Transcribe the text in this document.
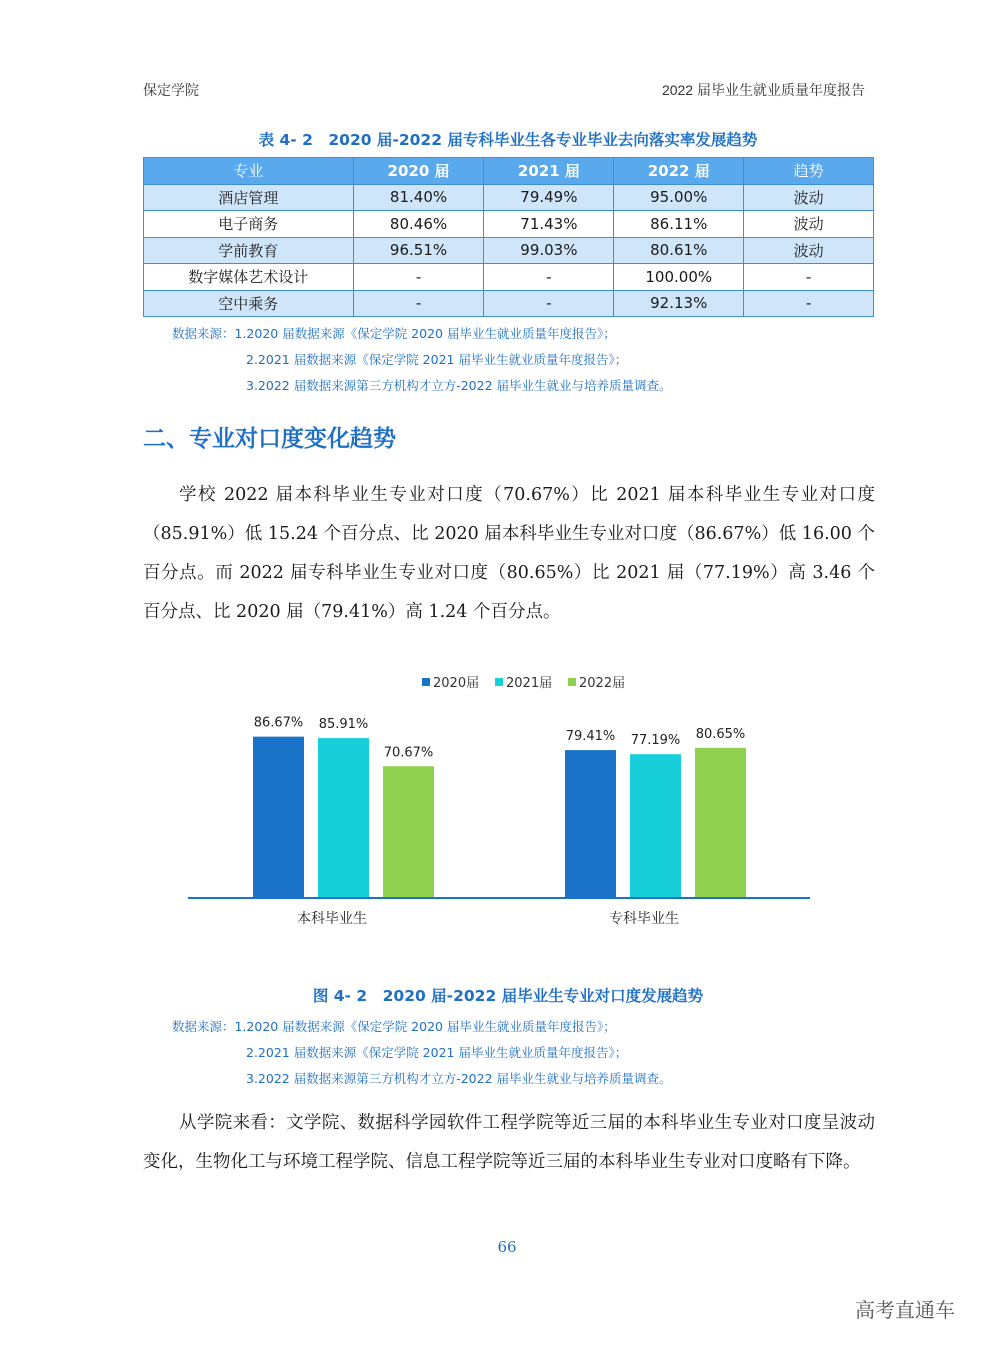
保定学院	2022 届毕业生就业质量年度报告
表 4- 2　2020 届-2022 届专科毕业生各专业毕业去向落实率发展趋势
专业	2020 届	2021 届	2022 届	趋势
酒店管理	81.40%	79.49%	95.00%	波动
电子商务	80.46%	71.43%	86.11%	波动
学前教育	96.51%	99.03%	80.61%	波动
数字媒体艺术设计	-	-	100.00%	-
空中乘务	-	-	92.13%	-
数据来源：1.2020 届数据来源《保定学院 2020 届毕业生就业质量年度报告》；
2.2021 届数据来源《保定学院 2021 届毕业生就业质量年度报告》；
3.2022 届数据来源第三方机构才立方-2022 届毕业生就业与培养质量调查。
二、专业对口度变化趋势

学校 2022 届本科毕业生专业对口度（70.67%）比 2021 届本科毕业生专业对口度（85.91%）低 15.24 个百分点、比 2020 届本科毕业生专业对口度（86.67%）低 16.00 个百分点。而 2022 届专科毕业生专业对口度（80.65%）比 2021 届（77.19%）高 3.46 个百分点、比 2020 届（79.41%）高 1.24 个百分点。

2020届 2021届 2022届
86.67% 85.91%
70.67%
79.41% 77.19% 80.65%
本科毕业生	专科毕业生
图 4- 2　2020 届-2022 届毕业生专业对口度发展趋势
数据来源：1.2020 届数据来源《保定学院 2020 届毕业生就业质量年度报告》；
2.2021 届数据来源《保定学院 2021 届毕业生就业质量年度报告》；
3.2022 届数据来源第三方机构才立方-2022 届毕业生就业与培养质量调查。

从学院来看：文学院、数据科学园软件工程学院等近三届的本科毕业生专业对口度呈波动变化，生物化工与环境工程学院、信息工程学院等近三届的本科毕业生专业对口度略有下降。

66
高考直通车
